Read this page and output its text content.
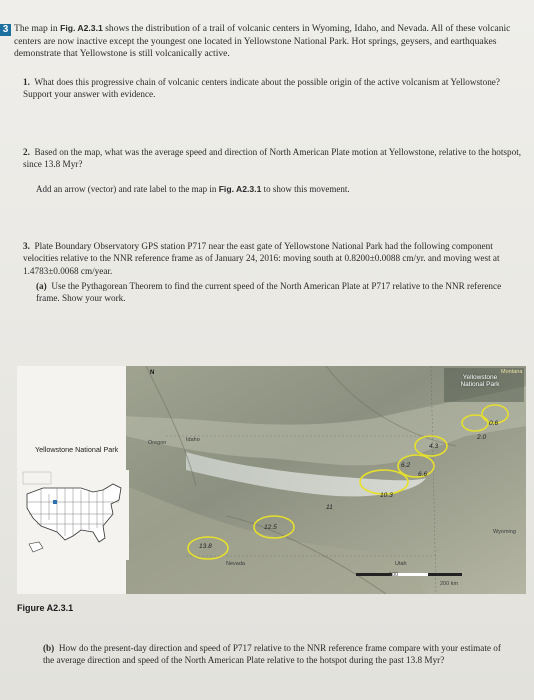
3 The map in Fig. A2.3.1 shows the distribution of a trail of volcanic centers in Wyoming, Idaho, and Nevada. All of these volcanic centers are now inactive except the youngest one located in Yellowstone National Park. Hot springs, geysers, and earthquakes demonstrate that Yellowstone is still volcanically active.
1. What does this progressive chain of volcanic centers indicate about the possible origin of the active volcanism at Yellowstone? Support your answer with evidence.
2. Based on the map, what was the average speed and direction of North American Plate motion at Yellowstone, relative to the hotspot, since 13.8 Myr?
Add an arrow (vector) and rate label to the map in Fig. A2.3.1 to show this movement.
3. Plate Boundary Observatory GPS station P717 near the east gate of Yellowstone National Park had the following component velocities relative to the NNR reference frame as of January 24, 2016: moving south at 0.8200±0.0088 cm/yr. and moving west at 1.4783±0.0068 cm/year.
(a) Use the Pythagorean Theorem to find the current speed of the North American Plate at P717 relative to the NNR reference frame. Show your work.
N
Yellowstone National Park
Montana
Oregon	Idaho
Nevada	Utah
Wyoming
100
200 km
0.6
2.0
4.3
6.2
6.6
10.3
11
12.5
13.8
Yellowstone National Park
Figure A2.3.1
(b) How do the present-day direction and speed of P717 relative to the NNR reference frame compare with your estimate of the average direction and speed of the North American Plate relative to the hotspot during the past 13.8 Myr?
